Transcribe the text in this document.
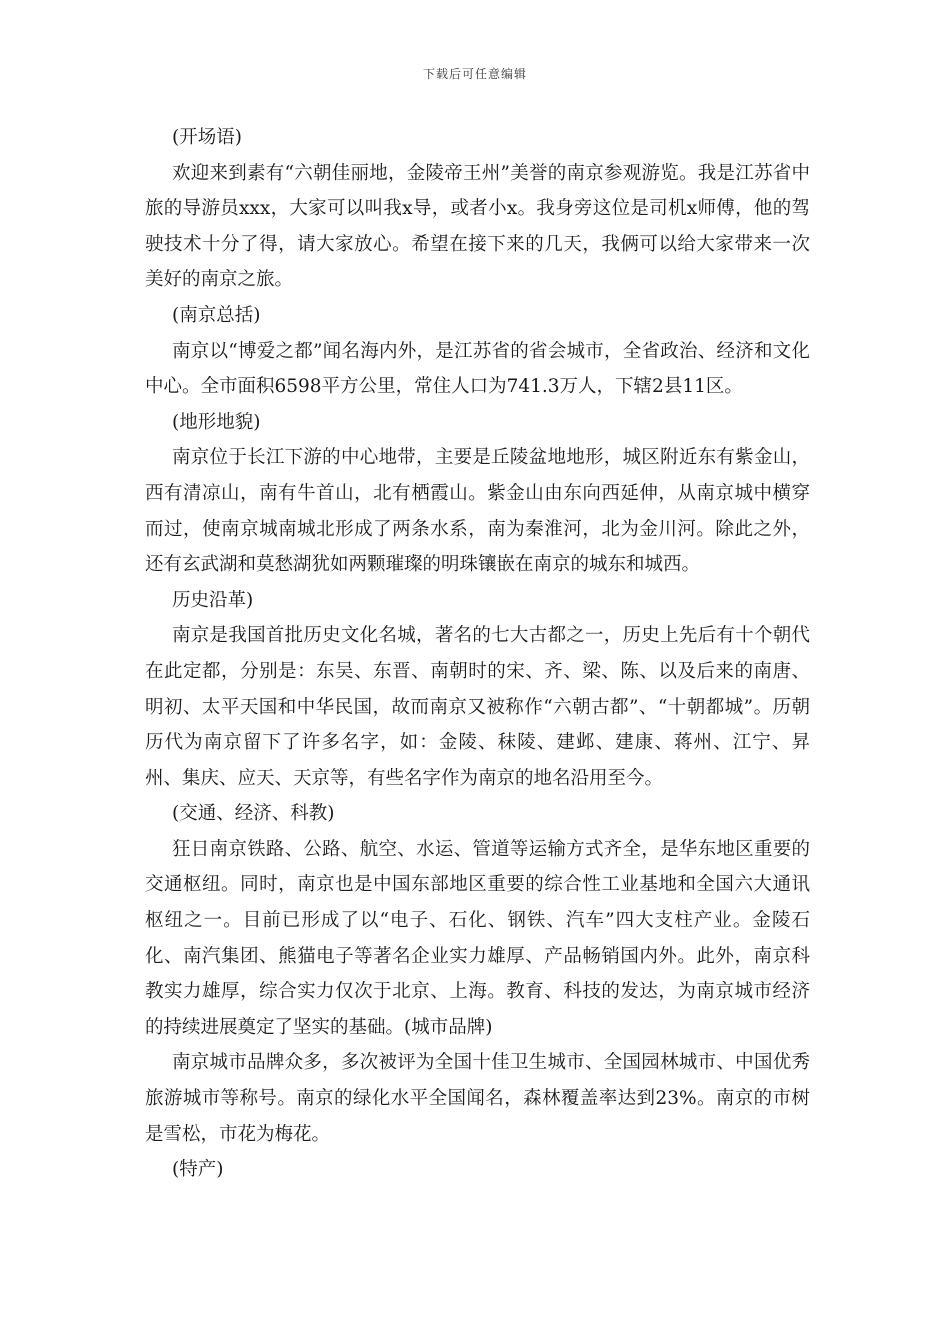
下载后可任意编辑

(开场语)

欢迎来到素有“六朝佳丽地，金陵帝王州”美誉的南京参观游览。我是江苏省中旅的导游员xxx，大家可以叫我x导，或者小x。我身旁这位是司机x师傅，他的驾驶技术十分了得，请大家放心。希望在接下来的几天，我俩可以给大家带来一次美好的南京之旅。

(南京总括)

南京以“博爱之都”闻名海内外，是江苏省的省会城市，全省政治、经济和文化中心。全市面积6598平方公里，常住人口为741.3万人，下辖2县11区。

(地形地貌)

南京位于长江下游的中心地带，主要是丘陵盆地地形，城区附近东有紫金山，西有清凉山，南有牛首山，北有栖霞山。紫金山由东向西延伸，从南京城中横穿而过，使南京城南城北形成了两条水系，南为秦淮河，北为金川河。除此之外，还有玄武湖和莫愁湖犹如两颗璀璨的明珠镶嵌在南京的城东和城西。

历史沿革)

南京是我国首批历史文化名城，著名的七大古都之一，历史上先后有十个朝代在此定都，分别是：东吴、东晋、南朝时的宋、齐、梁、陈、以及后来的南唐、明初、太平天国和中华民国，故而南京又被称作“六朝古都”、“十朝都城”。历朝历代为南京留下了许多名字，如：金陵、秣陵、建邺、建康、蒋州、江宁、昇州、集庆、应天、天京等，有些名字作为南京的地名沿用至今。

(交通、经济、科教)

狂日南京铁路、公路、航空、水运、管道等运输方式齐全，是华东地区重要的交通枢纽。同时，南京也是中国东部地区重要的综合性工业基地和全国六大通讯枢纽之一。目前已形成了以“电子、石化、钢铁、汽车”四大支柱产业。金陵石化、南汽集团、熊猫电子等著名企业实力雄厚、产品畅销国内外。此外，南京科教实力雄厚，综合实力仅次于北京、上海。教育、科技的发达，为南京城市经济的持续进展奠定了坚实的基础。(城市品牌)

南京城市品牌众多，多次被评为全国十佳卫生城市、全国园林城市、中国优秀旅游城市等称号。南京的绿化水平全国闻名，森林覆盖率达到23%。南京的市树是雪松，市花为梅花。

(特产)
